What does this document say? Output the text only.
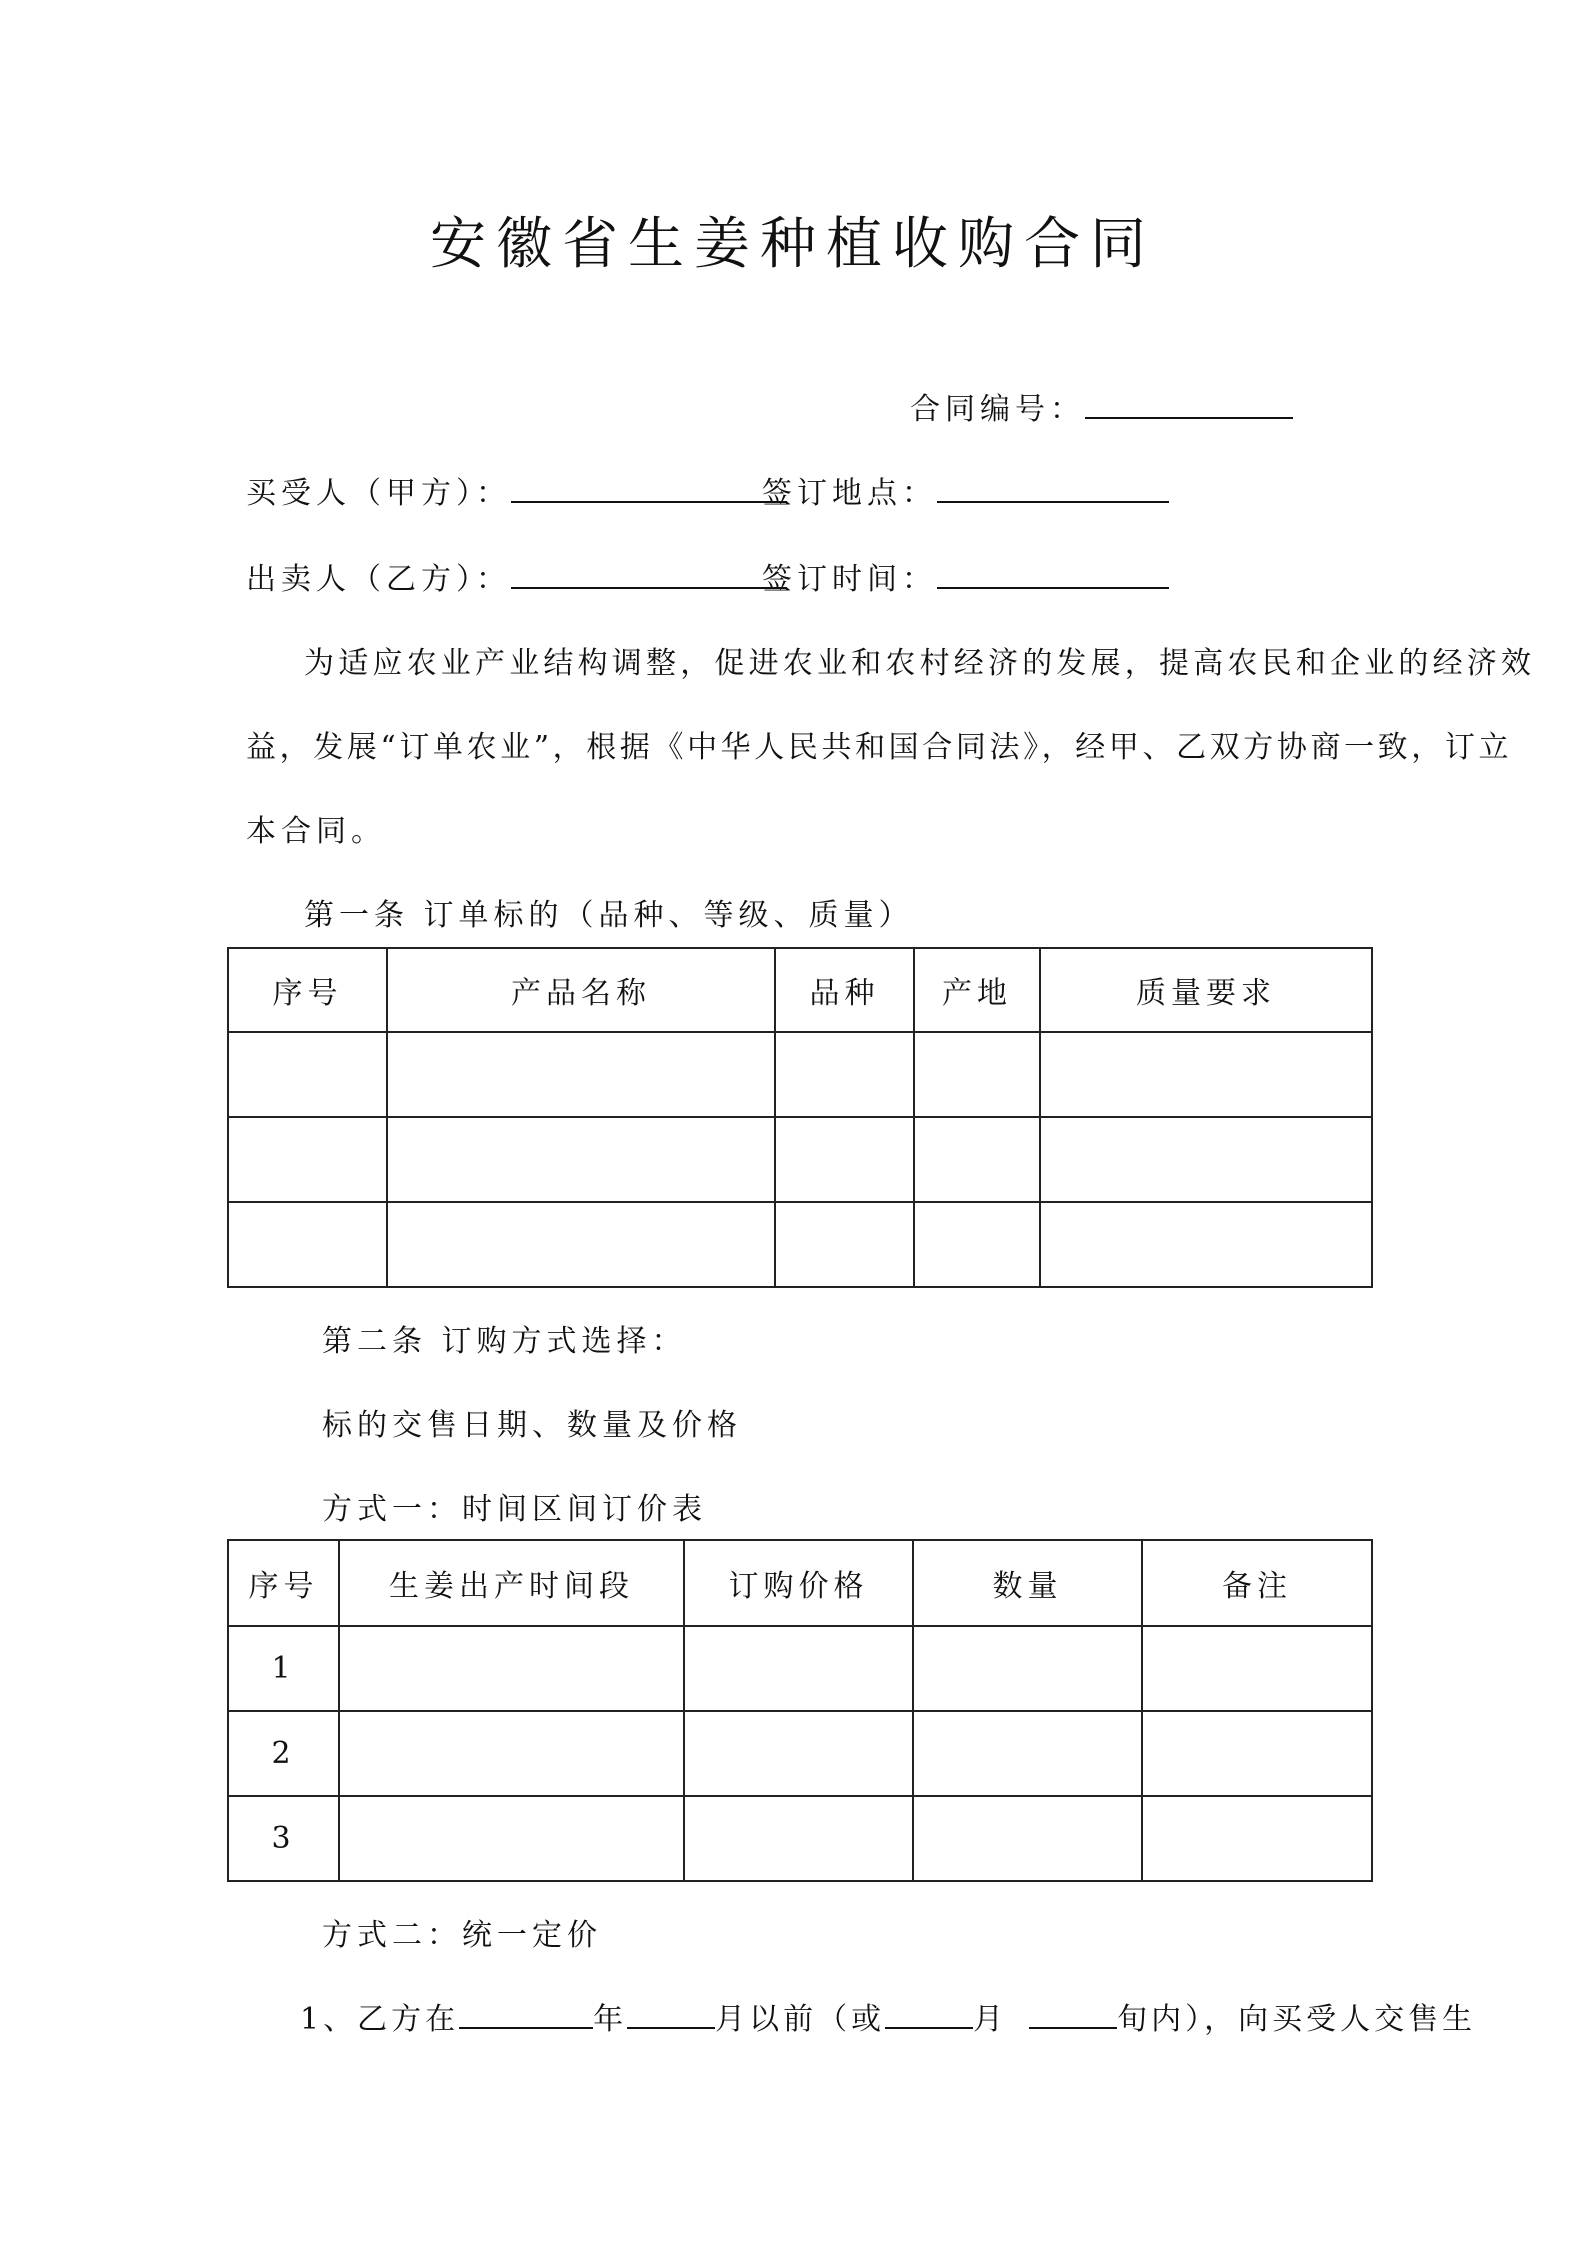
安徽省生姜种植收购合同
合同编号：
买受人（甲方）：	签订地点：
出卖人（乙方）：	签订时间：
为适应农业产业结构调整，促进农业和农村经济的发展，提高农民和企业的经济效
益，发展“订单农业”，根据《中华人民共和国合同法》，经甲、乙双方协商一致，订立
本合同。
第一条 订单标的（品种、等级、质量）
序号	产品名称	品种	产地	质量要求

第二条 订购方式选择：
标的交售日期、数量及价格
方式一：时间区间订价表
序号	生姜出产时间段	订购价格	数量	备注
1				
2				
3				
方式二：统一定价
1、乙方在	年	月以前（或	月	旬内），向买受人交售生
